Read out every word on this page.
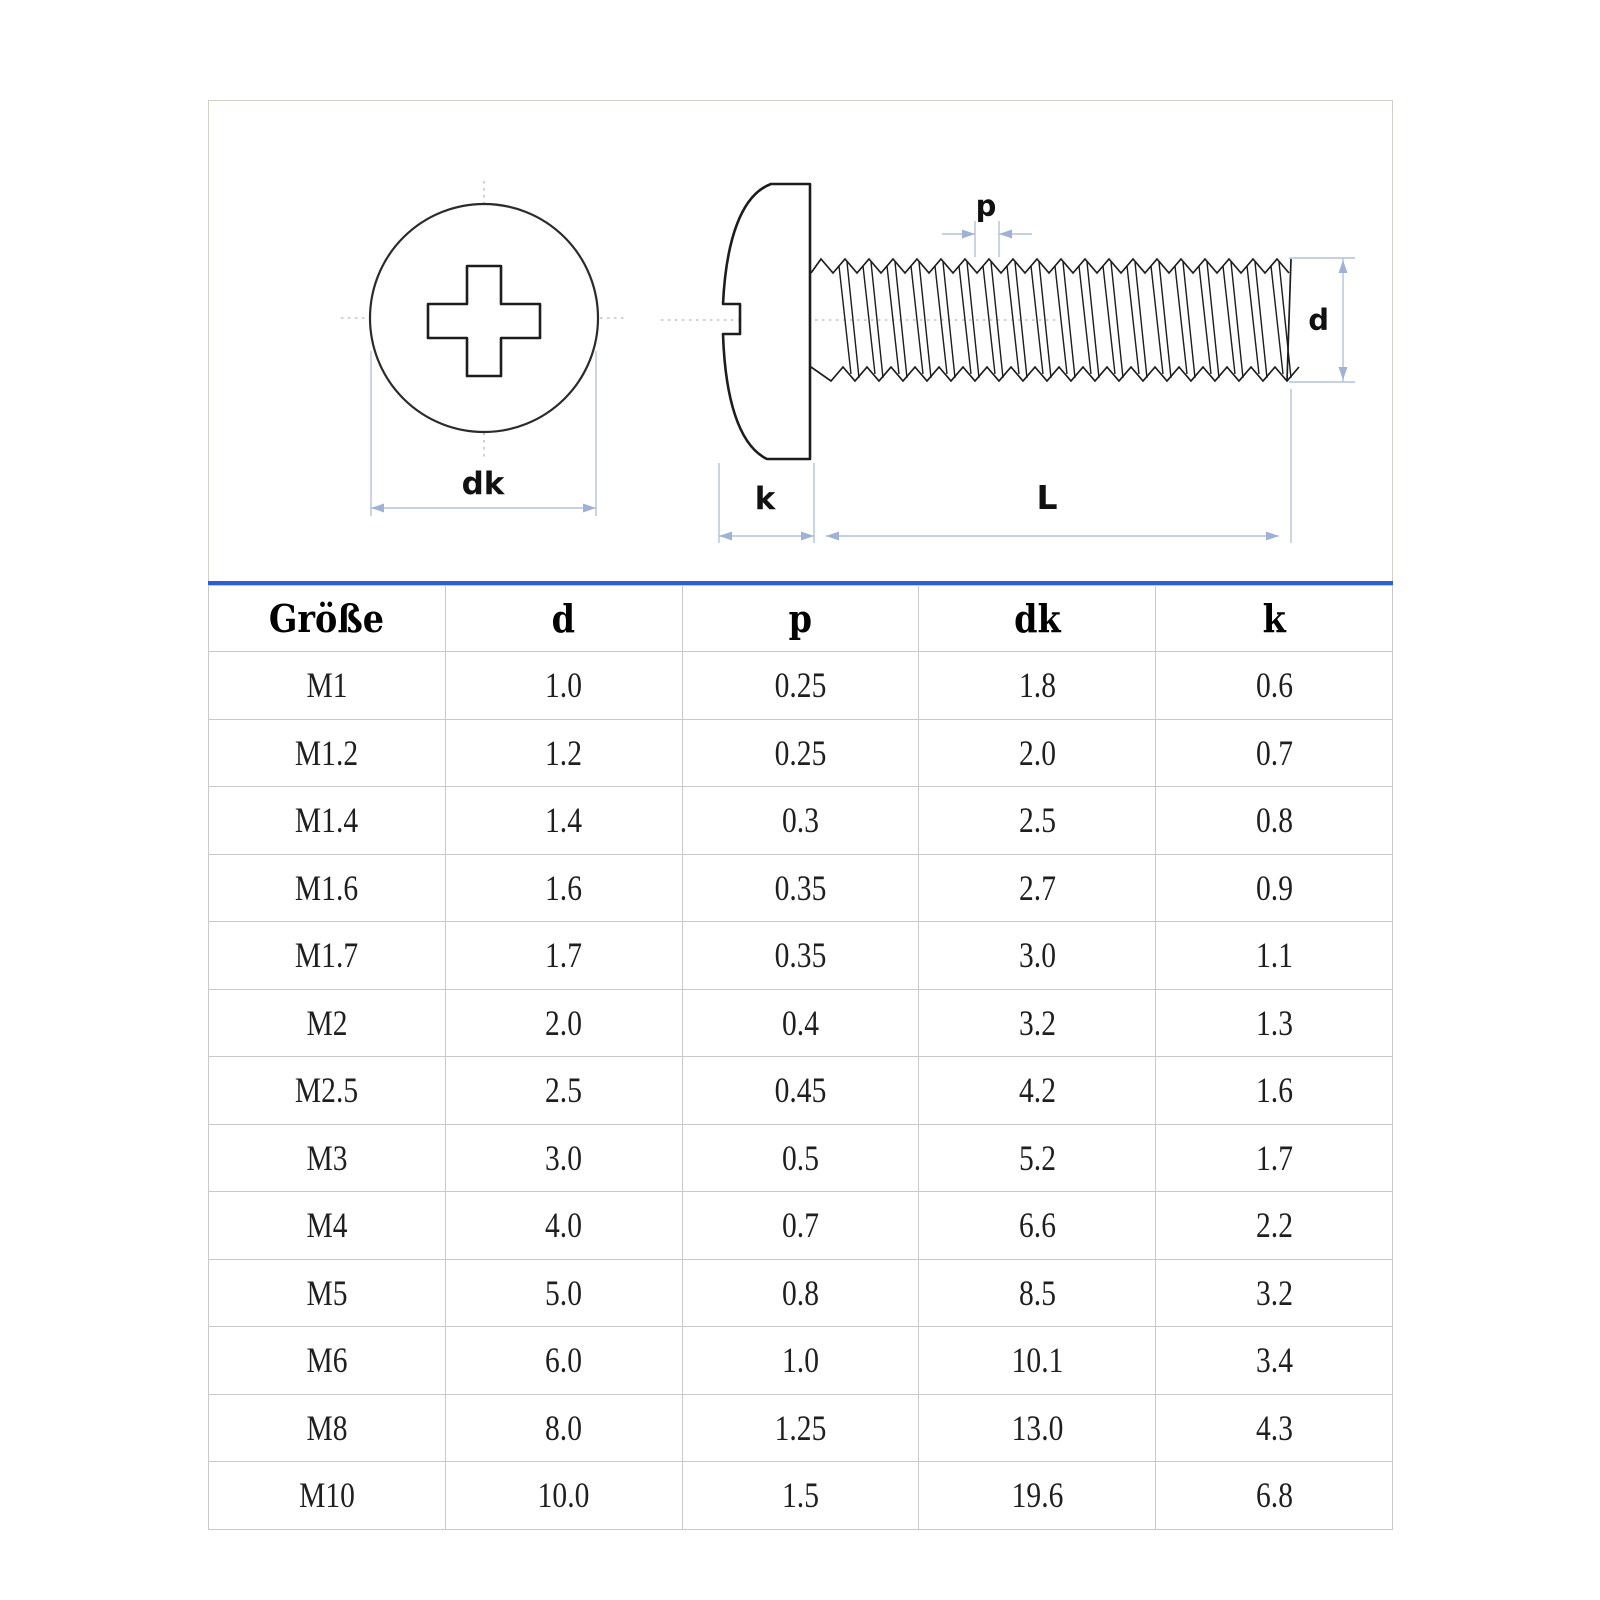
dk	k	L
p
d
Größe	d	p	dk	k
M1	1.0	0.25	1.8	0.6
M1.2	1.2	0.25	2.0	0.7
M1.4	1.4	0.3	2.5	0.8
M1.6	1.6	0.35	2.7	0.9
M1.7	1.7	0.35	3.0	1.1
M2	2.0	0.4	3.2	1.3
M2.5	2.5	0.45	4.2	1.6
M3	3.0	0.5	5.2	1.7
M4	4.0	0.7	6.6	2.2
M5	5.0	0.8	8.5	3.2
M6	6.0	1.0	10.1	3.4
M8	8.0	1.25	13.0	4.3
M10	10.0	1.5	19.6	6.8
